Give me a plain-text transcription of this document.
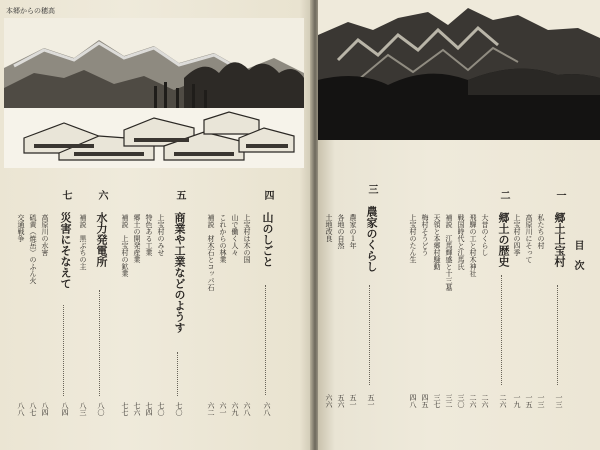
本郷からの穂高
四
山のしごと
六八
上宝村は木の国
六八
山で働く人々
六九
これからの林業
六一
補説　材木石とコッパ石
六二
五
商業や工業などのようす
七〇
上宝村のみせ
七〇
特色ある工業
七四
郷土の開発産業
七六
補説　上宝村の鉱業
七七
六
水力発電所
八〇
補説　黒ぶちの主
八三
七
災害にそなえて
八四
高原川の水害
八四
硫黄（焼岳）のふん火
八七
交通戦争
八八
目　次
一
郷土上宝村
一三
私たちの村
一三
高原川にそって
一五
上宝村の四季
一九
二
郷土の歴史
二六
大昔のくらし
二六
飛騨の工と村木神社
二六
戦国時代と江馬氏
三〇
補説　江馬輝盛と十三墓
三二
天領と本郷村騒動
三七
梅村そうどう
四五
上宝村のたん生
四八
三
農家のくらし
五一
農家の１年
五一
各地の自然
五六
土地改良
六六
